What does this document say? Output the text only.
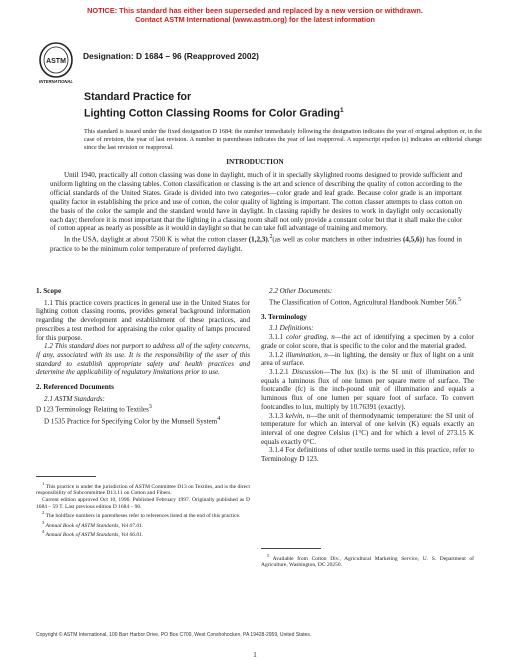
NOTICE: This standard has either been superseded and replaced by a new version or withdrawn.
Contact ASTM International (www.astm.org) for the latest information
ASTM
INTERNATIONAL
Designation: D 1684 – 96 (Reapproved 2002)
Standard Practice for
Lighting Cotton Classing Rooms for Color Grading$^1$
This standard is issued under the fixed designation D 1684; the number immediately following the designation indicates the year of original adoption or, in the case of revision, the year of last revision. A number in parentheses indicates the year of last reapproval. A superscript epsilon (ε) indicates an editorial change since the last revision or reapproval.
INTRODUCTION

Until 1940, practically all cotton classing was done in daylight, much of it in specially skylighted rooms designed to provide sufficient and uniform lighting on the classing tables. Cotton classification or classing is the art and science of describing the quality of cotton according to the official standards of the United States. Grade is divided into two categories—color grade and leaf grade. Because color grade is an important quality factor in establishing the price and use of cotton, the color quality of lighting is important. The cotton classer attempts to class cotton on the basis of the color the sample and the standard would have in daylight. In classing rapidly he desires to work in daylight only occasionally each day; therefore it is most important that the lighting in a classing room shall not only provide a constant color but that it shall make the color of cotton appear as nearly as possible as it would in daylight so that he can take full advantage of training and memory.

In the USA, daylight at about 7500 K is what the cotton classer (1,2,3).$^2$(as well as color matchers in other industries (4,5,6)) has found in practice to be the minimum color temperature of preferred daylight.

1. Scope

1.1 This practice covers practices in general use in the United States for lighting cotton classing rooms, provides general background information regarding the development and establishment of these practices, and prescribes a test method for appraising the color quality of lamps procured for this purpose.

1.2 This standard does not purport to address all of the safety concerns, if any, associated with its use. It is the responsibility of the user of this standard to establish appropriate safety and health practices and determine the applicability of regulatory limitations prior to use.

2. Referenced Documents

2.1 ASTM Standards:

D 123 Terminology Relating to Textiles$^3$

D 1535 Practice for Specifying Color by the Munsell System$^4$

$^1$ This practice is under the jurisdiction of ASTM Committee D13 on Textiles, and is the direct responsibility of Subcommittee D13.11 on Cotton and Fibers.

Current edition approved Oct 10, 1996. Published February 1997. Originally published as D 1684 – 59 T. Last previous edition D 1684 – 90.

$^2$ The boldface numbers in parentheses refer to references listed at the end of this practice.

$^3$ Annual Book of ASTM Standards, Vol 07.01.

$^4$ Annual Book of ASTM Standards, Vol 06.01.

2.2 Other Documents:

The Classification of Cotton, Agricultural Handbook Number 566.$^5$

3. Terminology

3.1 Definitions:

3.1.1 color grading, n—the act of identifying a specimen by a color grade or color score, that is specific to the color and the material graded.

3.1.2 illumination, n—in lighting, the density or flux of light on a unit area of surface.

3.1.2.1 Discussion—The lux (lx) is the SI unit of illumination and equals a luminous flux of one lumen per square metre of surface. The footcandle (fc) is the inch-pound unit of illumination and equals a luminous flux of one lumen per square foot of surface. To convert footcandles to lux, multiply by 10.76391 (exactly).

3.1.3 kelvin, n—the unit of thermodynamic temperature: the SI unit of temperature for which an interval of one kelvin (K) equals exactly an interval of one degree Celsius (1°C) and for which a level of 273.15 K equals exactly 0°C.

3.1.4 For definitions of other textile terms used in this practice, refer to Terminology D 123.

$^5$ Available from Cotton Div., Agricultural Marketing Service, U. S. Department of Agriculture, Washington, DC 20250.

Copyright © ASTM International, 100 Barr Harbor Drive, PO Box C700, West Conshohocken, PA 19428-2959, United States.
1
